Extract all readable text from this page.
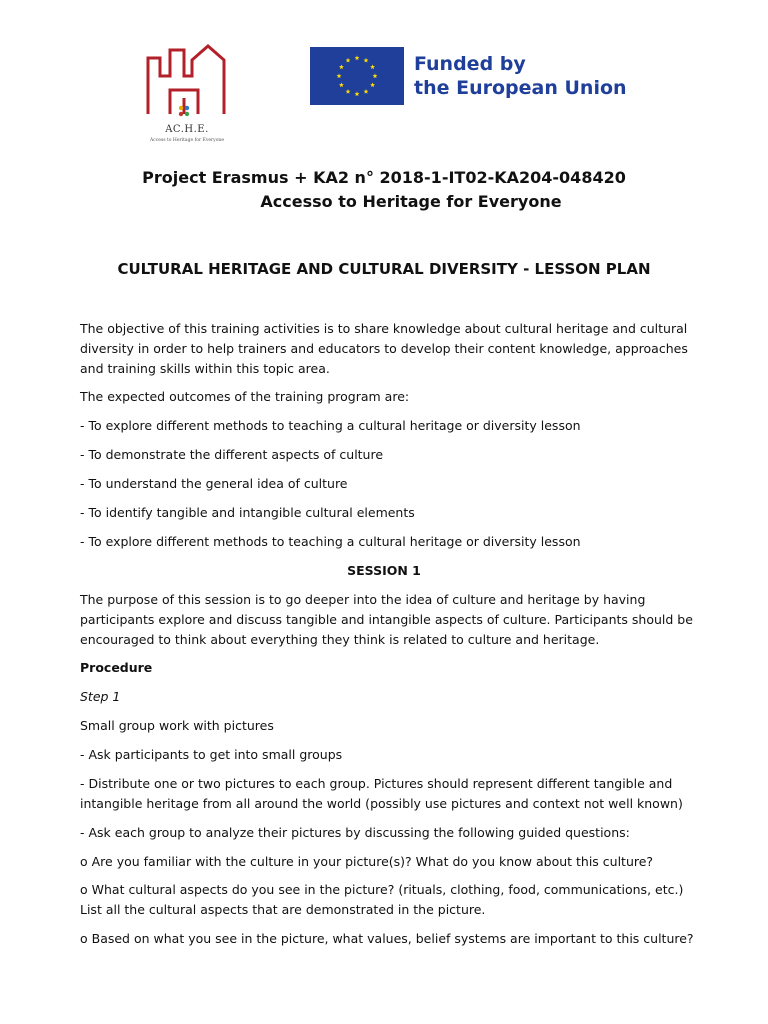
AC.H.E.
Access to Heritage for Everyone
Funded by
the European Union
Project Erasmus + KA2 n° 2018-1-IT02-KA204-048420
Accesso to Heritage for Everyone
CULTURAL HERITAGE AND CULTURAL DIVERSITY - LESSON PLAN
The objective of this training activities is to share knowledge about cultural heritage and cultural diversity in order to help trainers and educators to develop their content knowledge, approaches and training skills within this topic area.
The expected outcomes of the training program are:
- To explore different methods to teaching a cultural heritage or diversity lesson
- To demonstrate the different aspects of culture
- To understand the general idea of culture
- To identify tangible and intangible cultural elements
- To explore different methods to teaching a cultural heritage or diversity lesson
SESSION 1
The purpose of this session is to go deeper into the idea of culture and heritage by having participants explore and discuss tangible and intangible aspects of culture. Participants should be encouraged to think about everything they think is related to culture and heritage.
Procedure
Step 1
Small group work with pictures
- Ask participants to get into small groups
- Distribute one or two pictures to each group. Pictures should represent different tangible and intangible heritage from all around the world (possibly use pictures and context not well known)
- Ask each group to analyze their pictures by discussing the following guided questions:
o Are you familiar with the culture in your picture(s)? What do you know about this culture?
o What cultural aspects do you see in the picture? (rituals, clothing, food, communications, etc.) List all the cultural aspects that are demonstrated in the picture.
o Based on what you see in the picture, what values, belief systems are important to this culture?
